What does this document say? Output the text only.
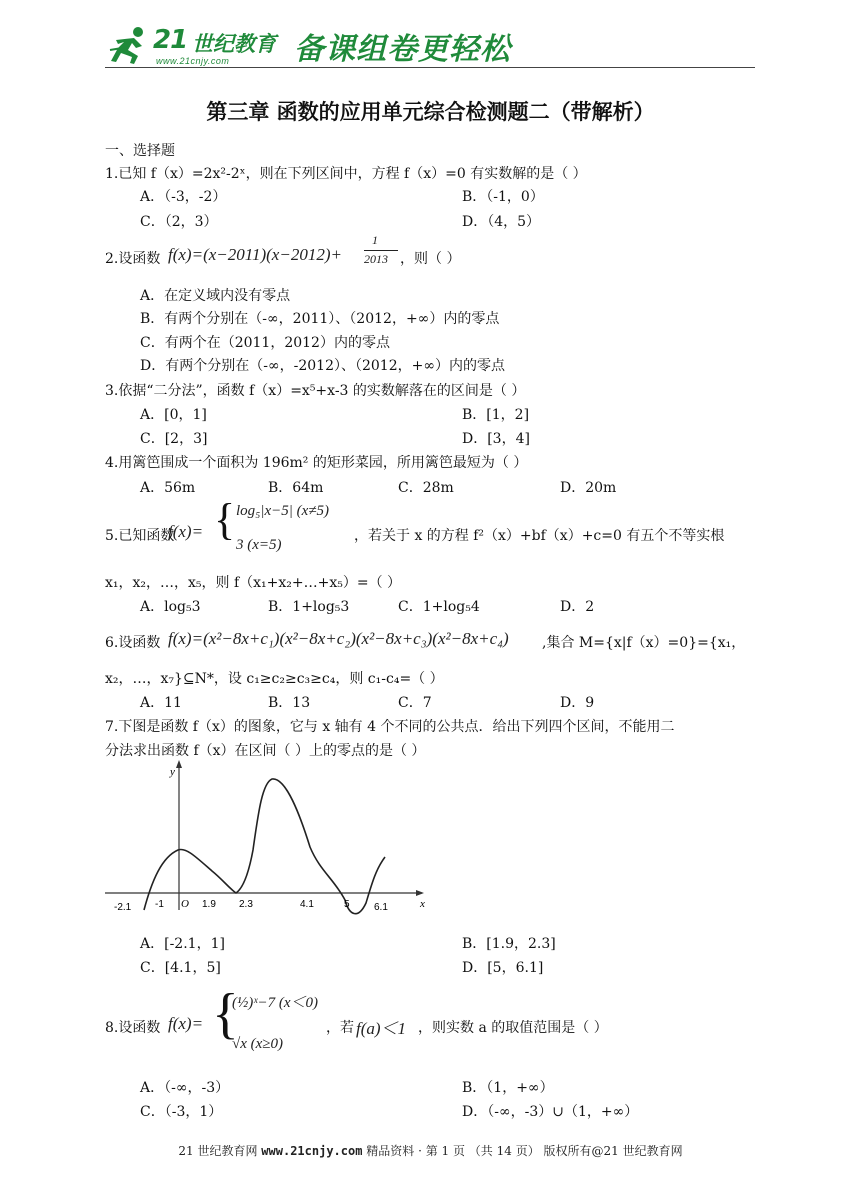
21 世纪教育
www.21cnjy.com 备课组卷更轻松
第三章 函数的应用单元综合检测题二（带解析）
一、选择题
1.已知 f（x）=2x²-2ˣ，则在下列区间中，方程 f（x）=0 有实数解的是（ ）
A．（-3，-2）	B．（-1，0）
C．（2，3）	D．（4，5）
2.设函数 f(x)=(x−2011)(x−2012)+
1
2013 ，则（ ）
A．在定义域内没有零点
B．有两个分别在（-∞，2011）、（2012，+∞）内的零点
C．有两个在（2011，2012）内的零点
D．有两个分别在（-∞，-2012）、（2012，+∞）内的零点
3.依据“二分法”，函数 f（x）=x⁵+x-3 的实数解落在的区间是（ ）
A．[0，1]	B．[1，2]
C．[2，3]	D．[3，4]
4.用篱笆围成一个面积为 196m² 的矩形菜园，所用篱笆最短为（ ）
A．56m	B．64m	C．28m	D．20m
5.已知函数
f(x)= { log₅|x−5| (x≠5)
3 (x=5)
，若关于 x 的方程 f²（x）+bf（x）+c=0 有五个不等实根
x₁，x₂，…，x₅，则 f（x₁+x₂+…+x₅）=（ ）
A．log₅3	B．1+log₅3	C．1+log₅4	D．2
6.设函数 f(x)=(x²−8x+c₁)(x²−8x+c₂)(x²−8x+c₃)(x²−8x+c₄) ,集合 M={x|f（x）=0}={x₁，
x₂，…，x₇}⊆N*，设 c₁≥c₂≥c₃≥c₄，则 c₁-c₄=（ ）
A．11	B．13	C．7	D．9
7.下图是函数 f（x）的图象，它与 x 轴有 4 个不同的公共点．给出下列四个区间，不能用二
分法求出函数 f（x）在区间（ ）上的零点的是（ ）
y
x
O
-2.1 -1	1.9 2.3	4.1	5 6.1
A．[-2.1，1]	B．[1.9，2.3]
C．[4.1，5]	D．[5，6.1]
8.设函数 f(x)= {
(½)ˣ−7 (x＜0)
√x (x≥0)
，若 f(a)＜1 ，则实数 a 的取值范围是（ ）
A．（-∞，-3）	B．（1，+∞）
C．（-3，1）	D．（-∞，-3）∪（1，+∞）
21 世纪教育网 www.21cnjy.com 精品资料 · 第 1 页 （共 14 页） 版权所有@21 世纪教育网
